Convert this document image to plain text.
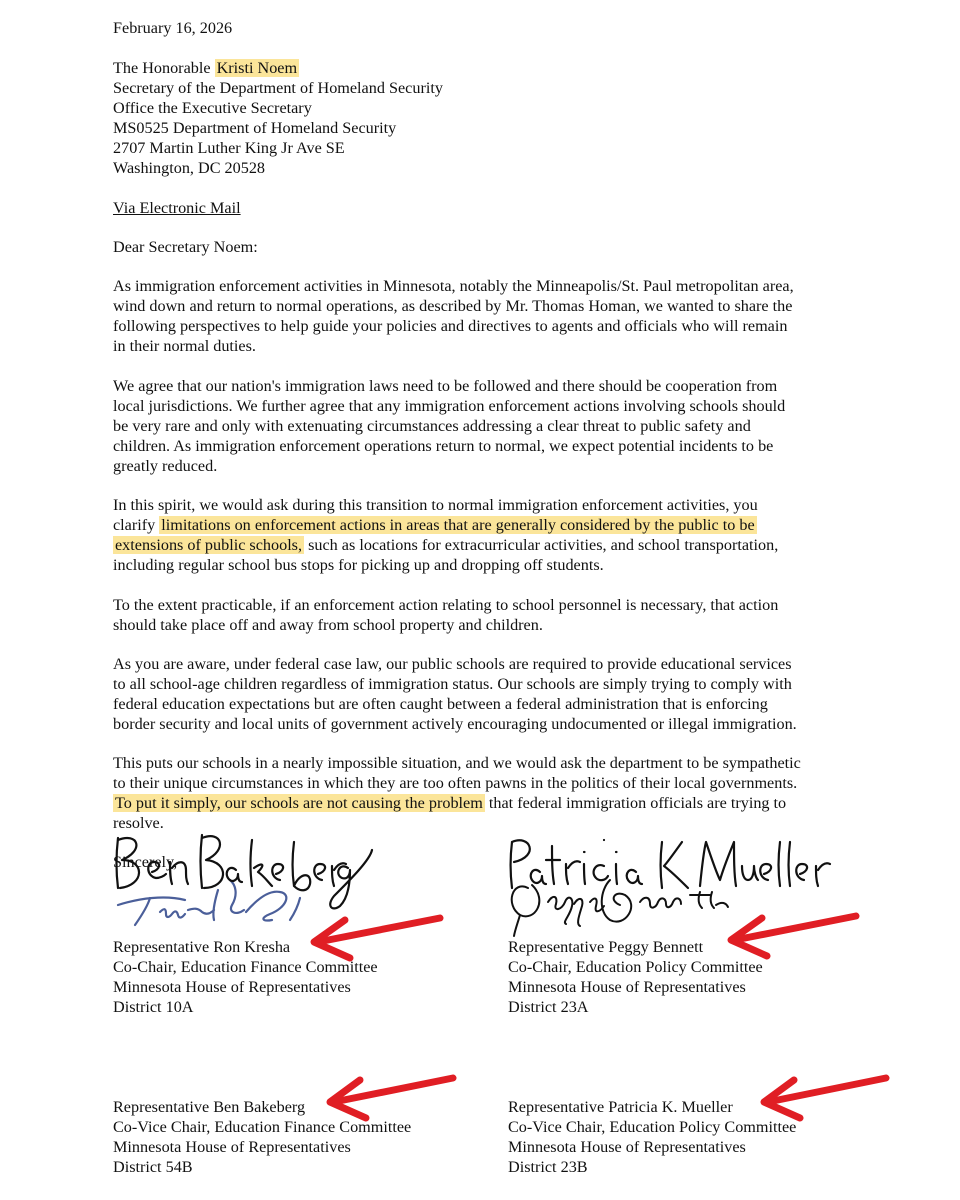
February 16, 2026
The Honorable Kristi Noem
Secretary of the Department of Homeland Security
Office the Executive Secretary
MS0525 Department of Homeland Security
2707 Martin Luther King Jr Ave SE
Washington, DC 20528
Via Electronic Mail
Dear Secretary Noem:
As immigration enforcement activities in Minnesota, notably the Minneapolis/St. Paul metropolitan area,
wind down and return to normal operations, as described by Mr. Thomas Homan, we wanted to share the
following perspectives to help guide your policies and directives to agents and officials who will remain
in their normal duties.
We agree that our nation's immigration laws need to be followed and there should be cooperation from
local jurisdictions. We further agree that any immigration enforcement actions involving schools should
be very rare and only with extenuating circumstances addressing a clear threat to public safety and
children. As immigration enforcement operations return to normal, we expect potential incidents to be
greatly reduced.
In this spirit, we would ask during this transition to normal immigration enforcement activities, you
clarify limitations on enforcement actions in areas that are generally considered by the public to be
extensions of public schools, such as locations for extracurricular activities, and school transportation,
including regular school bus stops for picking up and dropping off students.
To the extent practicable, if an enforcement action relating to school personnel is necessary, that action
should take place off and away from school property and children.
As you are aware, under federal case law, our public schools are required to provide educational services
to all school-age children regardless of immigration status. Our schools are simply trying to comply with
federal education expectations but are often caught between a federal administration that is enforcing
border security and local units of government actively encouraging undocumented or illegal immigration.
This puts our schools in a nearly impossible situation, and we would ask the department to be sympathetic
to their unique circumstances in which they are too often pawns in the politics of their local governments.
To put it simply, our schools are not causing the problem that federal immigration officials are trying to
resolve.
Sincerely,
Representative Ron Kresha
Co-Chair, Education Finance Committee
Minnesota House of Representatives
District 10A
Representative Peggy Bennett
Co-Chair, Education Policy Committee
Minnesota House of Representatives
District 23A
Representative Ben Bakeberg
Co-Vice Chair, Education Finance Committee
Minnesota House of Representatives
District 54B
Representative Patricia K. Mueller
Co-Vice Chair, Education Policy Committee
Minnesota House of Representatives
District 23B
